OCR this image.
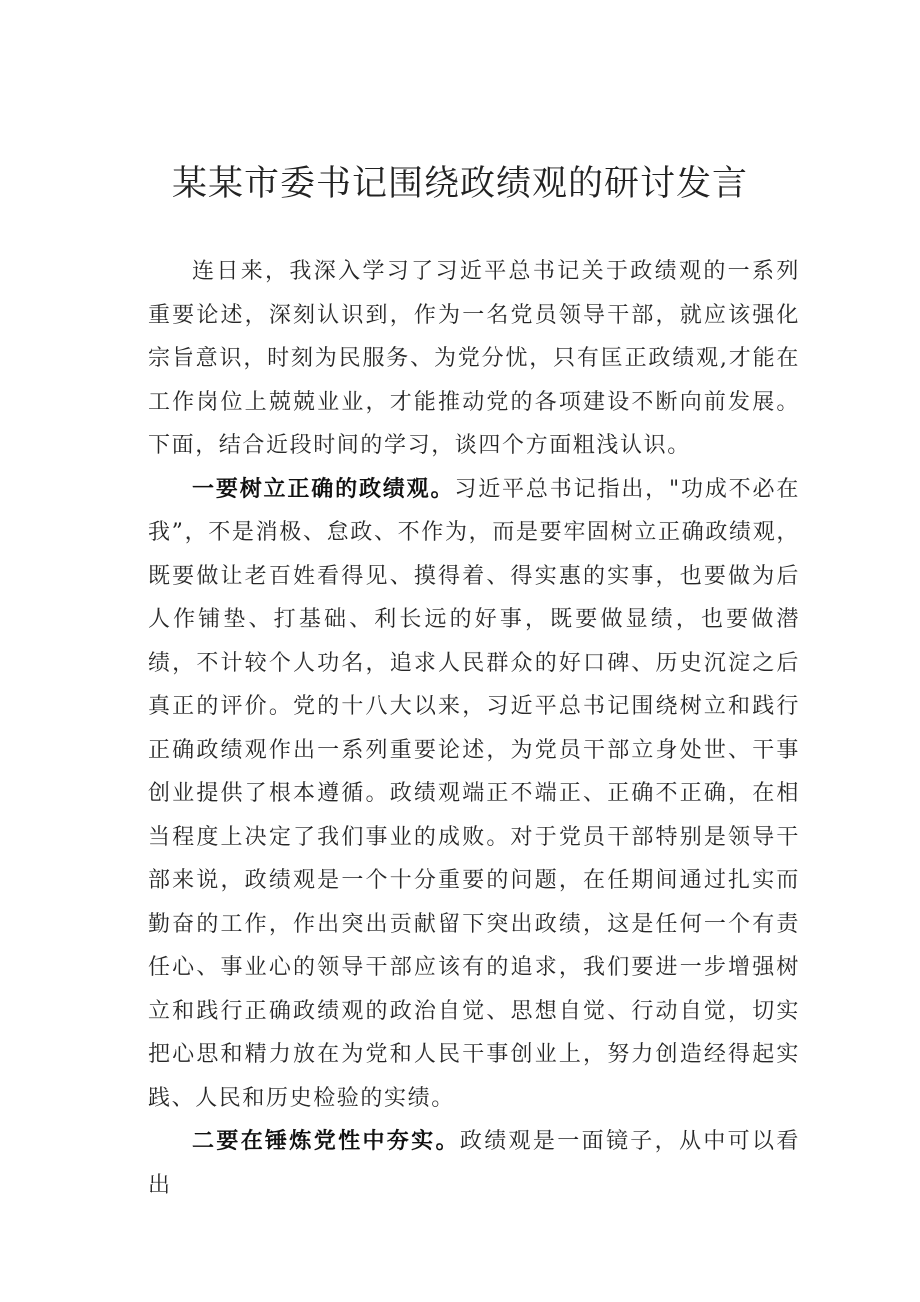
某某市委书记围绕政绩观的研讨发言

连日来，我深入学习了习近平总书记关于政绩观的一系列重要论述，深刻认识到，作为一名党员领导干部，就应该强化宗旨意识，时刻为民服务、为党分忧，只有匡正政绩观,才能在工作岗位上兢兢业业，才能推动党的各项建设不断向前发展。下面，结合近段时间的学习，谈四个方面粗浅认识。

一要树立正确的政绩观。习近平总书记指出，"功成不必在我”，不是消极、怠政、不作为，而是要牢固树立正确政绩观，既要做让老百姓看得见、摸得着、得实惠的实事，也要做为后人作铺垫、打基础、利长远的好事，既要做显绩，也要做潜绩，不计较个人功名，追求人民群众的好口碑、历史沉淀之后真正的评价。党的十八大以来，习近平总书记围绕树立和践行正确政绩观作出一系列重要论述，为党员干部立身处世、干事创业提供了根本遵循。政绩观端正不端正、正确不正确，在相当程度上决定了我们事业的成败。对于党员干部特别是领导干部来说，政绩观是一个十分重要的问题，在任期间通过扎实而勤奋的工作，作出突出贡献留下突出政绩，这是任何一个有责任心、事业心的领导干部应该有的追求，我们要进一步增强树立和践行正确政绩观的政治自觉、思想自觉、行动自觉，切实把心思和精力放在为党和人民干事创业上，努力创造经得起实践、人民和历史检验的实绩。

二要在锤炼党性中夯实。政绩观是一面镜子，从中可以看出
